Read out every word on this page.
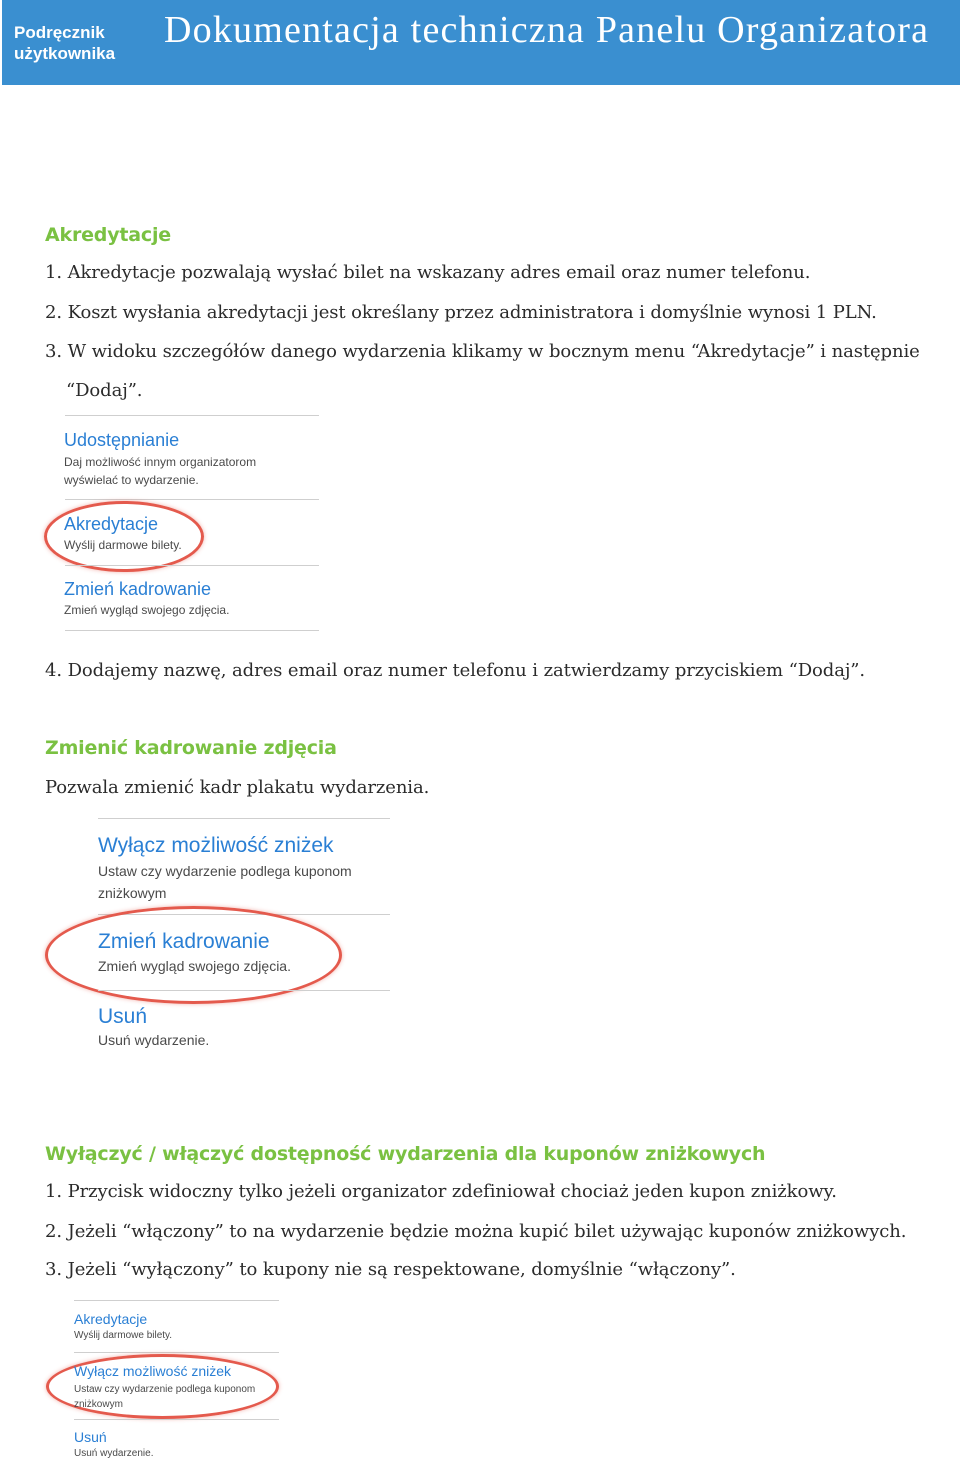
Podręcznik
użytkownika
Dokumentacja techniczna Panelu Organizatora
Akredytacje
1. Akredytacje pozwalają wysłać bilet na wskazany adres email oraz numer telefonu.
2. Koszt wysłania akredytacji jest określany przez administratora i domyślnie wynosi 1 PLN.
3. W widoku szczegółów danego wydarzenia klikamy w bocznym menu “Akredytacje” i następnie
“Dodaj”.
Udostępnianie
Daj możliwość innym organizatorom wyświelać to wydarzenie.
Akredytacje
Wyślij darmowe bilety.
Zmień kadrowanie
Zmień wygląd swojego zdjęcia.
4. Dodajemy nazwę, adres email oraz numer telefonu i zatwierdzamy przyciskiem “Dodaj”.
Zmienić kadrowanie zdjęcia
Pozwala zmienić kadr plakatu wydarzenia.
Wyłącz możliwość zniżek
Ustaw czy wydarzenie podlega kuponom zniżkowym
Zmień kadrowanie
Zmień wygląd swojego zdjęcia.
Usuń
Usuń wydarzenie.
Wyłączyć / włączyć dostępność wydarzenia dla kuponów zniżkowych
1. Przycisk widoczny tylko jeżeli organizator zdefiniował chociaż jeden kupon zniżkowy.
2. Jeżeli “włączony” to na wydarzenie będzie można kupić bilet używając kuponów zniżkowych.
3. Jeżeli “wyłączony” to kupony nie są respektowane, domyślnie “włączony”.
Akredytacje
Wyślij darmowe bilety.
Wyłącz możliwość zniżek
Ustaw czy wydarzenie podlega kuponom zniżkowym
Usuń
Usuń wydarzenie.
